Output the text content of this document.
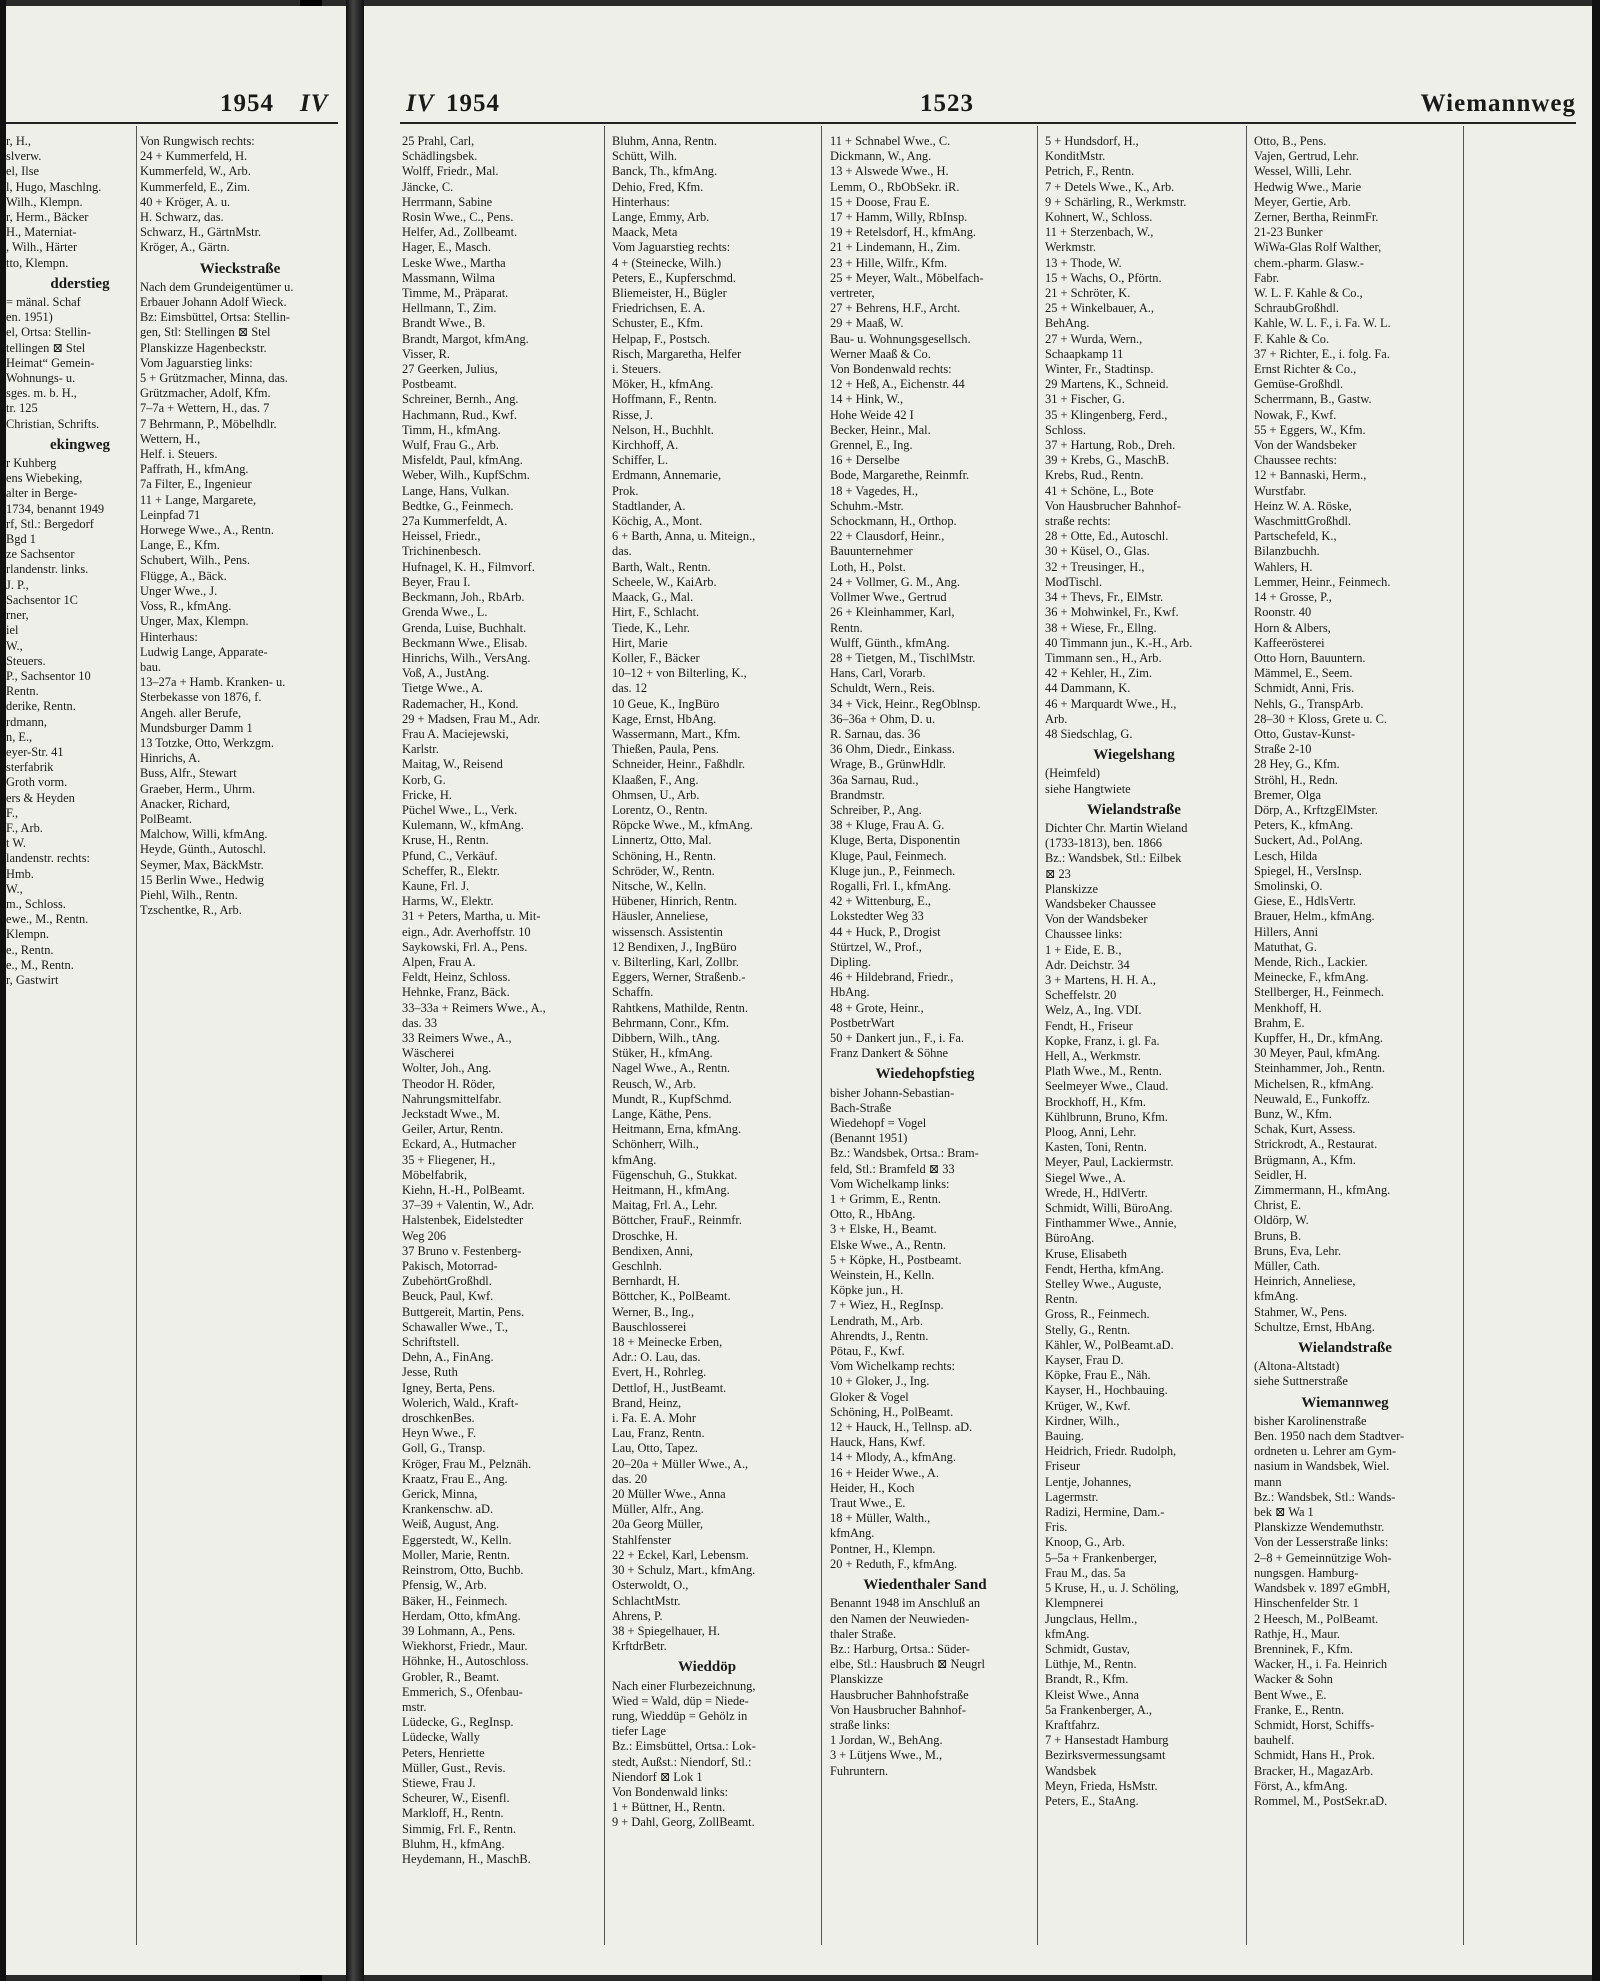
1954 IV
r, H.,
slverw.
el, Ilse
l, Hugo, Maschlng.
Wilh., Klempn.
r, Herm., Bäcker
H., Materniat-
, Wilh., Härter
tto, Klempn.
dderstieg
= mänal. Schaf
en. 1951)
el, Ortsa: Stellin-
tellingen ⊠ Stel
Heimat“ Gemein-
Wohnungs- u.
sges. m. b. H.,
tr. 125
Christian, Schrifts.
ekingweg
r Kuhberg
ens Wiebeking,
alter in Berge-
1734, benannt 1949
rf, Stl.: Bergedorf
Bgd 1
ze Sachsentor
rlandenstr. links.
J. P.,
Sachsentor 1C
rner,
iel
W.,
Steuers.
P., Sachsentor 10
Rentn.
derike, Rentn.
rdmann,
n, E.,
eyer-Str. 41
sterfabrik
Groth vorm.
ers & Heyden
F.,
F., Arb.
t W.
landenstr. rechts:
Hmb.
W.,
m., Schloss.
ewe., M., Rentn.
Klempn.
e., Rentn.
e., M., Rentn.
r, Gastwirt
Von Rungwisch rechts:
24 + Kummerfeld, H.
Kummerfeld, W., Arb.
Kummerfeld, E., Zim.
40 + Kröger, A. u.
H. Schwarz, das.
Schwarz, H., GärtnMstr.
Kröger, A., Gärtn.
Wieckstraße
Nach dem Grundeigentümer u.
Erbauer Johann Adolf Wieck.
Bz: Eimsbüttel, Ortsa: Stellin-
gen, Stl: Stellingen ⊠ Stel
Planskizze Hagenbeckstr.
Vom Jaguarstieg links:
5 + Grützmacher, Minna, das.
Grützmacher, Adolf, Kfm.
7–7a + Wettern, H., das. 7
7 Behrmann, P., Möbelhdlr.
Wettern, H.,
Helf. i. Steuers.
Paffrath, H., kfmAng.
7a Filter, E., Ingenieur
11 + Lange, Margarete,
Leinpfad 71
Horwege Wwe., A., Rentn.
Lange, E., Kfm.
Schubert, Wilh., Pens.
Flügge, A., Bäck.
Unger Wwe., J.
Voss, R., kfmAng.
Unger, Max, Klempn.
Hinterhaus:
Ludwig Lange, Apparate-
bau.
13–27a + Hamb. Kranken- u.
Sterbekasse von 1876, f.
Angeh. aller Berufe,
Mundsburger Damm 1
13 Totzke, Otto, Werkzgm.
Hinrichs, A.
Buss, Alfr., Stewart
Graeber, Herm., Uhrm.
Anacker, Richard,
PolBeamt.
Malchow, Willi, kfmAng.
Heyde, Günth., Autoschl.
Seymer, Max, BäckMstr.
15 Berlin Wwe., Hedwig
Piehl, Wilh., Rentn.
Tzschentke, R., Arb.
IV 1954	1523	Wiemannweg
25 Prahl, Carl,
Schädlingsbek.
Wolff, Friedr., Mal.
Jäncke, C.
Herrmann, Sabine
Rosin Wwe., C., Pens.
Helfer, Ad., Zollbeamt.
Hager, E., Masch.
Leske Wwe., Martha
Massmann, Wilma
Timme, M., Präparat.
Hellmann, T., Zim.
Brandt Wwe., B.
Brandt, Margot, kfmAng.
Visser, R.
27 Geerken, Julius,
Postbeamt.
Schreiner, Bernh., Ang.
Hachmann, Rud., Kwf.
Timm, H., kfmAng.
Wulf, Frau G., Arb.
Misfeldt, Paul, kfmAng.
Weber, Wilh., KupfSchm.
Lange, Hans, Vulkan.
Bedtke, G., Feinmech.
27a Kummerfeldt, A.
Heissel, Friedr.,
Trichinenbesch.
Hufnagel, K. H., Filmvorf.
Beyer, Frau I.
Beckmann, Joh., RbArb.
Grenda Wwe., L.
Grenda, Luise, Buchhalt.
Beckmann Wwe., Elisab.
Hinrichs, Wilh., VersAng.
Voß, A., JustAng.
Tietge Wwe., A.
Rademacher, H., Kond.
29 + Madsen, Frau M., Adr.
Frau A. Maciejewski,
Karlstr.
Maitag, W., Reisend
Korb, G.
Fricke, H.
Püchel Wwe., L., Verk.
Kulemann, W., kfmAng.
Kruse, H., Rentn.
Pfund, C., Verkäuf.
Scheffer, R., Elektr.
Kaune, Frl. J.
Harms, W., Elektr.
31 + Peters, Martha, u. Mit-
eign., Adr. Averhoffstr. 10
Saykowski, Frl. A., Pens.
Alpen, Frau A.
Feldt, Heinz, Schloss.
Hehnke, Franz, Bäck.
33–33a + Reimers Wwe., A.,
das. 33
33 Reimers Wwe., A.,
Wäscherei
Wolter, Joh., Ang.
Theodor H. Röder,
Nahrungsmittelfabr.
Jeckstadt Wwe., M.
Geiler, Artur, Rentn.
Eckard, A., Hutmacher
35 + Fliegener, H.,
Möbelfabrik,
Kiehn, H.-H., PolBeamt.
37–39 + Valentin, W., Adr.
Halstenbek, Eidelstedter
Weg 206
37 Bruno v. Festenberg-
Pakisch, Motorrad-
ZubehörtGroßhdl.
Beuck, Paul, Kwf.
Buttgereit, Martin, Pens.
Schawaller Wwe., T.,
Schriftstell.
Dehn, A., FinAng.
Jesse, Ruth
Igney, Berta, Pens.
Wolerich, Wald., Kraft-
droschkenBes.
Heyn Wwe., F.
Goll, G., Transp.
Kröger, Frau M., Pelznäh.
Kraatz, Frau E., Ang.
Gerick, Minna,
Krankenschw. aD.
Weiß, August, Ang.
Eggerstedt, W., Kelln.
Moller, Marie, Rentn.
Reinstrom, Otto, Buchb.
Pfensig, W., Arb.
Bäker, H., Feinmech.
Herdam, Otto, kfmAng.
39 Lohmann, A., Pens.
Wiekhorst, Friedr., Maur.
Höhnke, H., Autoschloss.
Grobler, R., Beamt.
Emmerich, S., Ofenbau-
mstr.
Lüdecke, G., RegInsp.
Lüdecke, Wally
Peters, Henriette
Müller, Gust., Revis.
Stiewe, Frau J.
Scheurer, W., Eisenfl.
Markloff, H., Rentn.
Simmig, Frl. F., Rentn.
Bluhm, H., kfmAng.
Heydemann, H., MaschB.
Bluhm, Anna, Rentn.
Schütt, Wilh.
Banck, Th., kfmAng.
Dehio, Fred, Kfm.
Hinterhaus:
Lange, Emmy, Arb.
Maack, Meta
Vom Jaguarstieg rechts:
4 + (Steinecke, Wilh.)
Peters, E., Kupferschmd.
Bliemeister, H., Bügler
Friedrichsen, E. A.
Schuster, E., Kfm.
Helpap, F., Postsch.
Risch, Margaretha, Helfer
i. Steuers.
Möker, H., kfmAng.
Hoffmann, F., Rentn.
Risse, J.
Nelson, H., Buchhlt.
Kirchhoff, A.
Schiffer, L.
Erdmann, Annemarie,
Prok.
Stadtlander, A.
Köchig, A., Mont.
6 + Barth, Anna, u. Miteign.,
das.
Barth, Walt., Rentn.
Scheele, W., KaiArb.
Maack, G., Mal.
Hirt, F., Schlacht.
Tiede, K., Lehr.
Hirt, Marie
Koller, F., Bäcker
10–12 + von Bilterling, K.,
das. 12
10 Geue, K., IngBüro
Kage, Ernst, HbAng.
Wassermann, Mart., Kfm.
Thießen, Paula, Pens.
Schneider, Heinr., Faßhdlr.
Klaaßen, F., Ang.
Ohmsen, U., Arb.
Lorentz, O., Rentn.
Röpcke Wwe., M., kfmAng.
Linnertz, Otto, Mal.
Schöning, H., Rentn.
Schröder, W., Rentn.
Nitsche, W., Kelln.
Hübener, Hinrich, Rentn.
Häusler, Anneliese,
wissensch. Assistentin
12 Bendixen, J., IngBüro
v. Bilterling, Karl, Zollbr.
Eggers, Werner, Straßenb.-
Schaffn.
Rahtkens, Mathilde, Rentn.
Behrmann, Conr., Kfm.
Dibbern, Wilh., tAng.
Stüker, H., kfmAng.
Nagel Wwe., A., Rentn.
Reusch, W., Arb.
Mundt, R., KupfSchmd.
Lange, Käthe, Pens.
Heitmann, Erna, kfmAng.
Schönherr, Wilh.,
kfmAng.
Fügenschuh, G., Stukkat.
Heitmann, H., kfmAng.
Maitag, Frl. A., Lehr.
Böttcher, FrauF., Reinmfr.
Droschke, H.
Bendixen, Anni,
Geschlnh.
Bernhardt, H.
Böttcher, K., PolBeamt.
Werner, B., Ing.,
Bauschlosserei
18 + Meinecke Erben,
Adr.: O. Lau, das.
Evert, H., Rohrleg.
Dettlof, H., JustBeamt.
Brand, Heinz,
i. Fa. E. A. Mohr
Lau, Franz, Rentn.
Lau, Otto, Tapez.
20–20a + Müller Wwe., A.,
das. 20
20 Müller Wwe., Anna
Müller, Alfr., Ang.
20a Georg Müller,
Stahlfenster
22 + Eckel, Karl, Lebensm.
30 + Schulz, Mart., kfmAng.
Osterwoldt, O.,
SchlachtMstr.
Ahrens, P.
38 + Spiegelhauer, H.
KrftdrBetr.
Wieddöp
Nach einer Flurbezeichnung,
Wied = Wald, düp = Niede-
rung, Wieddüp = Gehölz in
tiefer Lage
Bz.: Eimsbüttel, Ortsa.: Lok-
stedt, Außst.: Niendorf, Stl.:
Niendorf ⊠ Lok 1
Von Bondenwald links:
1 + Büttner, H., Rentn.
9 + Dahl, Georg, ZollBeamt.
11 + Schnabel Wwe., C.
Dickmann, W., Ang.
13 + Alswede Wwe., H.
Lemm, O., RbObSekr. iR.
15 + Doose, Frau E.
17 + Hamm, Willy, RbInsp.
19 + Retelsdorf, H., kfmAng.
21 + Lindemann, H., Zim.
23 + Hille, Wilfr., Kfm.
25 + Meyer, Walt., Möbelfach-
vertreter,
27 + Behrens, H.F., Archt.
29 + Maaß, W.
Bau- u. Wohnungsgesellsch.
Werner Maaß & Co.
Von Bondenwald rechts:
12 + Heß, A., Eichenstr. 44
14 + Hink, W.,
Hohe Weide 42 I
Becker, Heinr., Mal.
Grennel, E., Ing.
16 + Derselbe
Bode, Margarethe, Reinmfr.
18 + Vagedes, H.,
Schuhm.-Mstr.
Schockmann, H., Orthop.
22 + Clausdorf, Heinr.,
Bauunternehmer
Loth, H., Polst.
24 + Vollmer, G. M., Ang.
Vollmer Wwe., Gertrud
26 + Kleinhammer, Karl,
Rentn.
Wulff, Günth., kfmAng.
28 + Tietgen, M., TischlMstr.
Hans, Carl, Vorarb.
Schuldt, Wern., Reis.
34 + Vick, Heinr., RegOblnsp.
36–36a + Ohm, D. u.
R. Sarnau, das. 36
36 Ohm, Diedr., Einkass.
Wrage, B., GrünwHdlr.
36a Sarnau, Rud.,
Brandmstr.
Schreiber, P., Ang.
38 + Kluge, Frau A. G.
Kluge, Berta, Disponentin
Kluge, Paul, Feinmech.
Kluge jun., P., Feinmech.
Rogalli, Frl. I., kfmAng.
42 + Wittenburg, E.,
Lokstedter Weg 33
44 + Huck, P., Drogist
Stürtzel, W., Prof.,
Dipling.
46 + Hildebrand, Friedr.,
HbAng.
48 + Grote, Heinr.,
PostbetrWart
50 + Dankert jun., F., i. Fa.
Franz Dankert & Söhne
Wiedehopfstieg
bisher Johann-Sebastian-
Bach-Straße
Wiedehopf = Vogel
(Benannt 1951)
Bz.: Wandsbek, Ortsa.: Bram-
feld, Stl.: Bramfeld ⊠ 33
Vom Wichelkamp links:
1 + Grimm, E., Rentn.
Otto, R., HbAng.
3 + Elske, H., Beamt.
Elske Wwe., A., Rentn.
5 + Köpke, H., Postbeamt.
Weinstein, H., Kelln.
Köpke jun., H.
7 + Wiez, H., RegInsp.
Lendrath, M., Arb.
Ahrendts, J., Rentn.
Pötau, F., Kwf.
Vom Wichelkamp rechts:
10 + Gloker, J., Ing.
Gloker & Vogel
Schöning, H., PolBeamt.
12 + Hauck, H., Tellnsp. aD.
Hauck, Hans, Kwf.
14 + Mlody, A., kfmAng.
16 + Heider Wwe., A.
Heider, H., Koch
Traut Wwe., E.
18 + Müller, Walth.,
kfmAng.
Pontner, H., Klempn.
20 + Reduth, F., kfmAng.
Wiedenthaler Sand
Benannt 1948 im Anschluß an
den Namen der Neuwieden-
thaler Straße.
Bz.: Harburg, Ortsa.: Süder-
elbe, Stl.: Hausbruch ⊠ Neugrl
Planskizze
Hausbrucher Bahnhofstraße
Von Hausbrucher Bahnhof-
straße links:
1 Jordan, W., BehAng.
3 + Lütjens Wwe., M.,
Fuhruntern.
5 + Hundsdorf, H.,
KonditMstr.
Petrich, F., Rentn.
7 + Detels Wwe., K., Arb.
9 + Schärling, R., Werkmstr.
Kohnert, W., Schloss.
11 + Sterzenbach, W.,
Werkmstr.
13 + Thode, W.
15 + Wachs, O., Pförtn.
21 + Schröter, K.
25 + Winkelbauer, A.,
BehAng.
27 + Wurda, Wern.,
Schaapkamp 11
Winter, Fr., Stadtinsp.
29 Martens, K., Schneid.
31 + Fischer, G.
35 + Klingenberg, Ferd.,
Schloss.
37 + Hartung, Rob., Dreh.
39 + Krebs, G., MaschB.
Krebs, Rud., Rentn.
41 + Schöne, L., Bote
Von Hausbrucher Bahnhof-
straße rechts:
28 + Otte, Ed., Autoschl.
30 + Küsel, O., Glas.
32 + Treusinger, H.,
ModTischl.
34 + Thevs, Fr., ElMstr.
36 + Mohwinkel, Fr., Kwf.
38 + Wiese, Fr., Ellng.
40 Timmann jun., K.-H., Arb.
Timmann sen., H., Arb.
42 + Kehler, H., Zim.
44 Dammann, K.
46 + Marquardt Wwe., H.,
Arb.
48 Siedschlag, G.
Wiegelshang
(Heimfeld)
siehe Hangtwiete
Wielandstraße
Dichter Chr. Martin Wieland
(1733-1813), ben. 1866
Bz.: Wandsbek, Stl.: Eilbek
⊠ 23
Planskizze
Wandsbeker Chaussee
Von der Wandsbeker
Chaussee links:
1 + Eide, E. B.,
Adr. Deichstr. 34
3 + Martens, H. H. A.,
Scheffelstr. 20
Welz, A., Ing. VDI.
Fendt, H., Friseur
Kopke, Franz, i. gl. Fa.
Hell, A., Werkmstr.
Plath Wwe., M., Rentn.
Seelmeyer Wwe., Claud.
Brockhoff, H., Kfm.
Kühlbrunn, Bruno, Kfm.
Ploog, Anni, Lehr.
Kasten, Toni, Rentn.
Meyer, Paul, Lackiermstr.
Siegel Wwe., A.
Wrede, H., HdlVertr.
Schmidt, Willi, BüroAng.
Finthammer Wwe., Annie,
BüroAng.
Kruse, Elisabeth
Fendt, Hertha, kfmAng.
Stelley Wwe., Auguste,
Rentn.
Gross, R., Feinmech.
Stelly, G., Rentn.
Kähler, W., PolBeamt.aD.
Kayser, Frau D.
Köpke, Frau E., Näh.
Kayser, H., Hochbauing.
Krüger, W., Kwf.
Kirdner, Wilh.,
Bauing.
Heidrich, Friedr. Rudolph,
Friseur
Lentje, Johannes,
Lagermstr.
Radizi, Hermine, Dam.-
Fris.
Knoop, G., Arb.
5–5a + Frankenberger,
Frau M., das. 5a
5 Kruse, H., u. J. Schöling,
Klempnerei
Jungclaus, Hellm.,
kfmAng.
Schmidt, Gustav,
Lüthje, M., Rentn.
Brandt, R., Kfm.
Kleist Wwe., Anna
5a Frankenberger, A.,
Kraftfahrz.
7 + Hansestadt Hamburg
Bezirksvermessungsamt
Wandsbek
Meyn, Frieda, HsMstr.
Peters, E., StaAng.
Otto, B., Pens.
Vajen, Gertrud, Lehr.
Wessel, Willi, Lehr.
Hedwig Wwe., Marie
Meyer, Gertie, Arb.
Zerner, Bertha, ReinmFr.
21-23 Bunker
WiWa-Glas Rolf Walther,
chem.-pharm. Glasw.-
Fabr.
W. L. F. Kahle & Co.,
SchraubGroßhdl.
Kahle, W. L. F., i. Fa. W. L.
F. Kahle & Co.
37 + Richter, E., i. folg. Fa.
Ernst Richter & Co.,
Gemüse-Großhdl.
Scherrmann, B., Gastw.
Nowak, F., Kwf.
55 + Eggers, W., Kfm.
Von der Wandsbeker
Chaussee rechts:
12 + Bannaski, Herm.,
Wurstfabr.
Heinz W. A. Röske,
WaschmittGroßhdl.
Partschefeld, K.,
Bilanzbuchh.
Wahlers, H.
Lemmer, Heinr., Feinmech.
14 + Grosse, P.,
Roonstr. 40
Horn & Albers,
Kaffeerösterei
Otto Horn, Bauuntern.
Mämmel, E., Seem.
Schmidt, Anni, Fris.
Nehls, G., TranspArb.
28–30 + Kloss, Grete u. C.
Otto, Gustav-Kunst-
Straße 2-10
28 Hey, G., Kfm.
Ströhl, H., Redn.
Bremer, Olga
Dörp, A., KrftzgElMster.
Peters, K., kfmAng.
Suckert, Ad., PolAng.
Lesch, Hilda
Spiegel, H., VersInsp.
Smolinski, O.
Giese, E., HdlsVertr.
Brauer, Helm., kfmAng.
Hillers, Anni
Matuthat, G.
Mende, Rich., Lackier.
Meinecke, F., kfmAng.
Stellberger, H., Feinmech.
Menkhoff, H.
Brahm, E.
Kupffer, H., Dr., kfmAng.
30 Meyer, Paul, kfmAng.
Steinhammer, Joh., Rentn.
Michelsen, R., kfmAng.
Neuwald, E., Funkoffz.
Bunz, W., Kfm.
Schak, Kurt, Assess.
Strickrodt, A., Restaurat.
Brügmann, A., Kfm.
Seidler, H.
Zimmermann, H., kfmAng.
Christ, E.
Oldörp, W.
Bruns, B.
Bruns, Eva, Lehr.
Müller, Cath.
Heinrich, Anneliese,
kfmAng.
Stahmer, W., Pens.
Schultze, Ernst, HbAng.
Wielandstraße
(Altona-Altstadt)
siehe Suttnerstraße
Wiemannweg
bisher Karolinenstraße
Ben. 1950 nach dem Stadtver-
ordneten u. Lehrer am Gym-
nasium in Wandsbek, Wiel.
mann
Bz.: Wandsbek, Stl.: Wands-
bek ⊠ Wa 1
Planskizze Wendemuthstr.
Von der Lesserstraße links:
2–8 + Gemeinnützige Woh-
nungsgen. Hamburg-
Wandsbek v. 1897 eGmbH,
Hinschenfelder Str. 1
2 Heesch, M., PolBeamt.
Rathje, H., Maur.
Brenninek, F., Kfm.
Wacker, H., i. Fa. Heinrich
Wacker & Sohn
Bent Wwe., E.
Franke, E., Rentn.
Schmidt, Horst, Schiffs-
bauhelf.
Schmidt, Hans H., Prok.
Bracker, H., MagazArb.
Först, A., kfmAng.
Rommel, M., PostSekr.aD.
